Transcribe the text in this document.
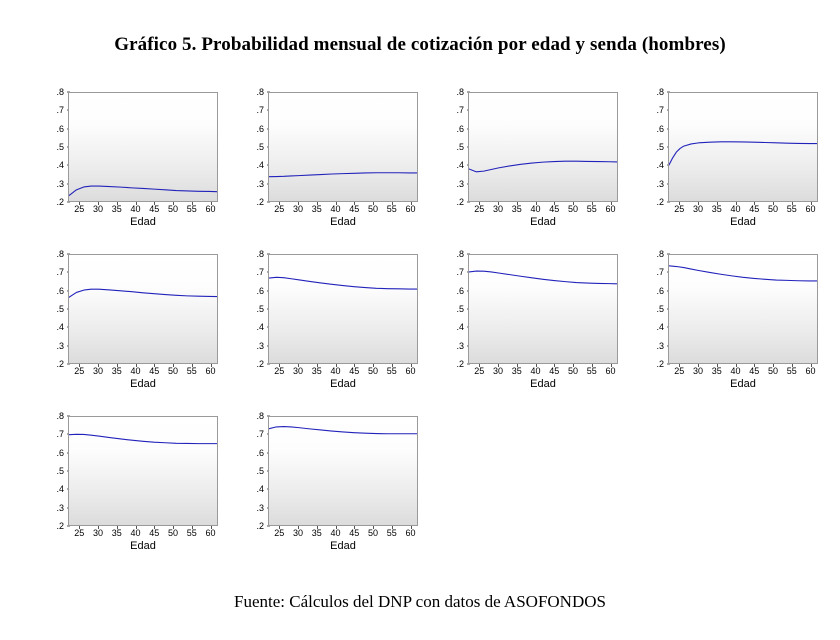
Gráfico 5. Probabilidad mensual de cotización por edad y senda (hombres)
.2
.3
.4
.5
.6
.7
.8
25 30 35 40 45 50 55 60
Edad
.2
.3
.4
.5
.6
.7
.8
25 30 35 40 45 50 55 60
Edad
.2
.3
.4
.5
.6
.7
.8
25 30 35 40 45 50 55 60
Edad
.2
.3
.4
.5
.6
.7
.8
25 30 35 40 45 50 55 60
Edad
.2
.3
.4
.5
.6
.7
.8
25 30 35 40 45 50 55 60
Edad
.2
.3
.4
.5
.6
.7
.8
25 30 35 40 45 50 55 60
Edad
.2
.3
.4
.5
.6
.7
.8
25 30 35 40 45 50 55 60
Edad
.2
.3
.4
.5
.6
.7
.8
25 30 35 40 45 50 55 60
Edad
.2
.3
.4
.5
.6
.7
.8
25 30 35 40 45 50 55 60
Edad
.2
.3
.4
.5
.6
.7
.8
25 30 35 40 45 50 55 60
Edad
Fuente: Cálculos del DNP con datos de ASOFONDOS
